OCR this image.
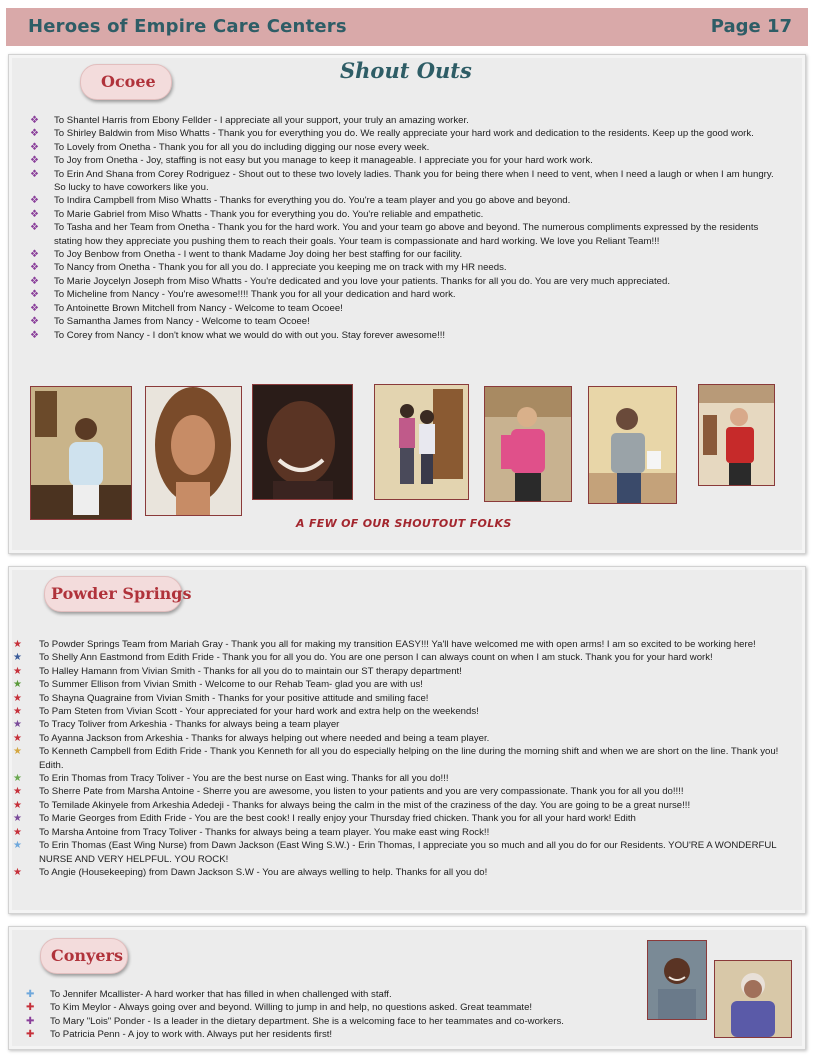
Heroes of Empire Care Centers	Page 17
Ocoee	Shout Outs
❖ To Shantel Harris from Ebony Fellder - I appreciate all your support, your truly an amazing worker.
❖ To Shirley Baldwin from Miso Whatts - Thank you for everything you do. We really appreciate your hard work and dedication to the residents. Keep up the good work.
❖ To Lovely from Onetha - Thank you for all you do including digging our nose every week.
❖ To Joy from Onetha - Joy, staffing is not easy but you manage to keep it manageable. I appreciate you for your hard work work.
❖ To Erin And Shana from Corey Rodriguez - Shout out to these two lovely ladies. Thank you for being there when I need to vent, when I need a laugh or when I am hungry. So lucky to have coworkers like you.
❖ To Indira Campbell from Miso Whatts - Thanks for everything you do. You're a team player and you go above and beyond.
❖ To Marie Gabriel from Miso Whatts - Thank you for everything you do. You're reliable and empathetic.
❖ To Tasha and her Team from Onetha - Thank you for the hard work. You and your team go above and beyond. The numerous compliments expressed by the residents stating how they appreciate you pushing them to reach their goals. Your team is compassionate and hard working. We love you Reliant Team!!!
❖ To Joy Benbow from Onetha - I went to thank Madame Joy doing her best staffing for our facility.
❖ To Nancy from Onetha - Thank you for all you do. I appreciate you keeping me on track with my HR needs.
❖ To Marie Joycelyn Joseph from Miso Whatts - You're dedicated and you love your patients. Thanks for all you do. You are very much appreciated.
❖ To Micheline from Nancy - You're awesome!!!! Thank you for all your dedication and hard work.
❖ To Antoinette Brown Mitchell from Nancy - Welcome to team Ocoee!
❖ To Samantha James from Nancy - Welcome to team Ocoee!
❖ To Corey from Nancy - I don't know what we would do with out you. Stay forever awesome!!!
A FEW OF OUR SHOUTOUT FOLKS
Powder Springs
★ To Powder Springs Team from Mariah Gray - Thank you all for making my transition EASY!!! Ya'll have welcomed me with open arms! I am so excited to be working here!
★ To Shelly Ann Eastmond from Edith Fride - Thank you for all you do. You are one person I can always count on when I am stuck. Thank you for your hard work!
★ To Halley Hamann from Vivian Smith - Thanks for all you do to maintain our ST therapy department!
★ To Summer Ellison from Vivian Smith - Welcome to our Rehab Team- glad you are with us!
★ To Shayna Quagraine from Vivian Smith - Thanks for your positive attitude and smiling face!
★ To Pam Steten from Vivian Scott - Your appreciated for your hard work and extra help on the weekends!
★ To Tracy Toliver from Arkeshia - Thanks for always being a team player
★ To Ayanna Jackson from Arkeshia - Thanks for always helping out where needed and being a team player.
★ To Kenneth Campbell from Edith Fride - Thank you Kenneth for all you do especially helping on the line during the morning shift and when we are short on the line. Thank you! Edith.
★ To Erin Thomas from Tracy Toliver - You are the best nurse on East wing. Thanks for all you do!!!
★ To Sherre Pate from Marsha Antoine - Sherre you are awesome, you listen to your patients and you are very compassionate. Thank you for all you do!!!!
★ To Temilade Akinyele from Arkeshia Adedeji - Thanks for always being the calm in the mist of the craziness of the day. You are going to be a great nurse!!!
★ To Marie Georges from Edith Fride - You are the best cook! I really enjoy your Thursday fried chicken. Thank you for all your hard work! Edith
★ To Marsha Antoine from Tracy Toliver - Thanks for always being a team player. You make east wing Rock!!
★ To Erin Thomas (East Wing Nurse) from Dawn Jackson (East Wing S.W.) - Erin Thomas, I appreciate you so much and all you do for our Residents. YOU'RE A WONDERFUL NURSE AND VERY HELPFUL. YOU ROCK!
★ To Angie (Housekeeping) from Dawn Jackson S.W - You are always welling to help. Thanks for all you do!
Conyers
✚ To Jennifer Mcallister- A hard worker that has filled in when challenged with staff.
✚ To Kim Meylor - Always going over and beyond. Willing to jump in and help, no questions asked. Great teammate!
✚ To Mary "Lois" Ponder - Is a leader in the dietary department. She is a welcoming face to her teammates and co-workers.
✚ To Patricia Penn - A joy to work with. Always put her residents first!
